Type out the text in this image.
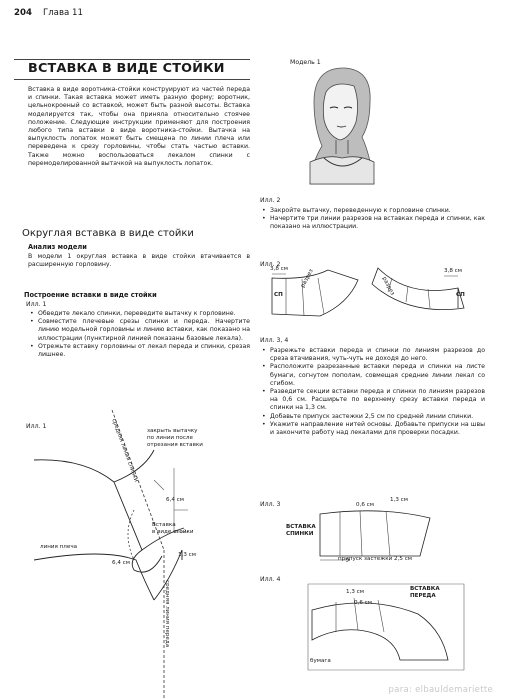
204 Глава 11
ВСТАВКА В ВИДЕ СТОЙКИ
Вставка в виде воротника-стойки конструируют из частей переда и спинки. Такая вставка может иметь разную форму; воротник, цельнокроеный со вставкой, может быть разной высоты. Вставка моделируется так, чтобы она приняла относительно стоячее положение. Следующие инструкции применяют для построения любого типа вставки в виде воротника-стойки. Вытачка на выпуклость лопаток может быть смещена по линии плеча или переведена к срезу горловины, чтобы стать частью вставки. Также можно воспользоваться лекалом спинки с перемоделированной вытачкой на выпуклость лопаток.
Округлая вставка в виде стойки
Анализ модели
В модели 1 округлая вставка в виде стойки втачивается в расширенную горловину.
Построение вставки в виде стойки
Илл. 1
• Обведите лекало спинки, переведите вытачку к горловине.
• Совместите плечевые срезы спинки и переда. Начертите линию модельной горловины и линию вставки, как показано на иллюстрации (пунктирной линией показаны базовые лекала).
• Отрежьте вставку горловины от лекал переда и спинки, срезая лишнее.
Модель 1
Илл. 2
• Закройте вытачку, переведенную к горловине спинки.
• Начертите три линии разрезов на вставках переда и спинки, как показано на иллюстрации.
Илл. 3, 4
• Разрежьте вставки переда и спинки по линиям разрезов до среза втачивания, чуть-чуть не доходя до него.
• Расположите разрезанные вставки переда и спинки на листе бумаги, согнутом пополам, совмещая средние линии лекал со сгибом.
• Разведите секции вставки переда и спинки по линиям разрезов на 0,6 см. Расширьте по верхнему срезу вставки переда и спинки на 1,3 см.
• Добавьте припуск застежки 2,5 см по средней линии спинки.
• Укажите направление нитей основы. Добавьте припуски на швы и закончите работу над лекалами для проверки посадки.
Илл. 1
закрыть вытачку
по линии после
отрезания вставки
Вставка
в виде стойки
линия плеча
6,4 см
1,3 см
6,4 см
средняя линия спинки
средняя линия переда
Илл. 2
3,8 см	3,8 см
СП	СП
разрез	разрез
Илл. 3
ВСТАВКА
СПИНКИ
0,6 см
1,3 см
припуск застежки 2,5 см
Илл. 4
ВСТАВКА
ПЕРЕДА
1,3 см
0,6 см
бумага
para: elbauldemariette
